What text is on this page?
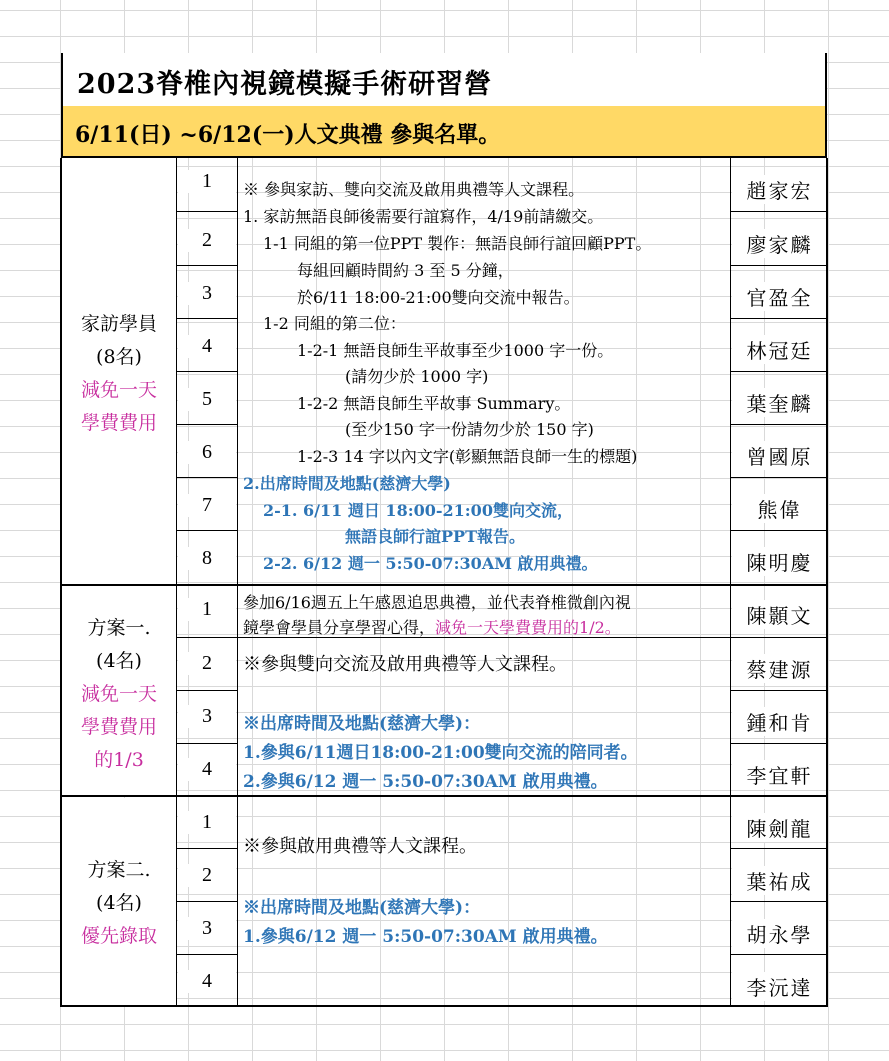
2023脊椎內視鏡模擬手術研習營
6/11(日) ~6/12(一)人文典禮 參與名單。
家訪學員
(8名)
減免一天
學費費用
1
2
3
4
5
6
7
8
趙家宏
廖家麟
官盈全
林冠廷
葉奎麟
曾國原
熊偉
陳明慶
※ 參與家訪、雙向交流及啟用典禮等人文課程。
1. 家訪無語良師後需要行誼寫作，4/19前請繳交。
1-1 同組的第一位PPT 製作：無語良師行誼回顧PPT。
每組回顧時間約 3 至 5 分鐘，
於6/11 18:00-21:00雙向交流中報告。
1-2 同組的第二位：
1-2-1 無語良師生平故事至少1000 字一份。
(請勿少於 1000 字)
1-2-2 無語良師生平故事 Summary。
(至少150 字一份請勿少於 150 字)
1-2-3 14 字以內文字(彰顯無語良師一生的標題)
2.出席時間及地點(慈濟大學)
2-1. 6/11 週日 18:00-21:00雙向交流，
無語良師行誼PPT報告。
2-2. 6/12 週一 5:50-07:30AM 啟用典禮。
方案一.
(4名)
減免一天
學費費用
的1/3
1
2
3
4
陳顥文
蔡建源
鍾和肯
李宜軒
參加6/16週五上午感恩追思典禮，並代表脊椎微創內視
鏡學會學員分享學習心得，減免一天學費費用的1/2。
※參與雙向交流及啟用典禮等人文課程。
※出席時間及地點(慈濟大學)：
1.參與6/11週日18:00-21:00雙向交流的陪同者。
2.參與6/12 週一 5:50-07:30AM 啟用典禮。
方案二.
(4名)
優先錄取
1
2
3
4
陳劍龍
葉祐成
胡永學
李沅達
※參與啟用典禮等人文課程。
※出席時間及地點(慈濟大學)：
1.參與6/12 週一 5:50-07:30AM 啟用典禮。
